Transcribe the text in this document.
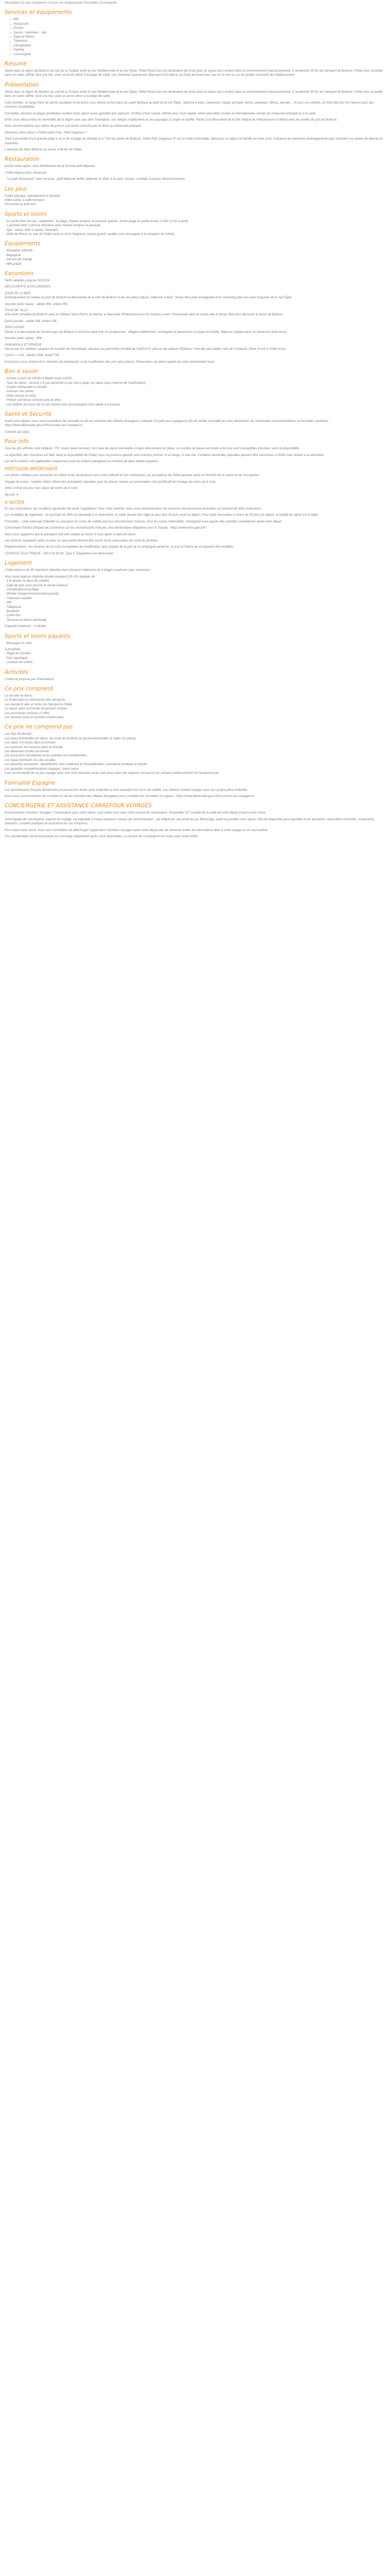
Description Ce prix comprend • Ce prix ne comprend pas Formalités Convergente
Services et équipements
● Wifi
● Restaurant
● Piscine
● Sauna - Hammam - Spa
● Salle de fitness
● Télévision
● Climatisation
● Parking
● Conciergerie
Résumé

Situés dans la région de Bodrum au sud de la Turquie, entre la mer Méditerranée et la mer Égée, l'hôtel Resort est une destination de choix pour un séjour tout compris dans un environnement naturel préservé. À seulement 35 km de l'aéroport de Bodrum, l'hôtel vous accueille dans un cadre raffiné, face à la mer, avec un accès direct à la plage de sable. Les chambres spacieuses disposent d'un balcon ou d'une terrasse avec vue sur la mer ou sur les jardins luxuriants de l'établissement.

Présentation

Situés dans la région de Bodrum au sud de la Turquie, entre la mer Méditerranée et la mer Égée, l'hôtel Resort est une destination de choix pour un séjour tout compris dans un environnement naturel préservé. À seulement 35 km de l'aéroport de Bodrum, l'hôtel vous accueille dans un cadre raffiné, face à la mer, avec un accès direct à la plage de sable.

Côté activités, un large choix de sports nautiques et de loisirs vous attend, le tout dans un cadre idyllique au pied de la mer Égée : planche à voile, catamaran, kayak, plongée, tennis, pétanque, fitness, aérobic... Et pour vos enfants, un mini-club leur est réservé pour des moments inoubliables.

Formalités, piscines et plages privatisées rendent votre séjour aussi agréable que reposant. Profitez d'une cuisine raffinée pour vous régaler, entre spécialités locales et internationales servies au restaurant principal ou à la carte.

Enfin, vous découvrirez les merveilles de la région avec ses sites historiques, ses villages traditionnels et ses paysages à couper le souffle. Partez à la découverte de la cité antique de Halicarnasse ou flânez dans les ruelles du port de Bodrum.

Nous recommandons aux clients de prévoir une tenue correcte pour le dîner au restaurant principal.

Réservez votre séjour à l'hôtel Adaö Only - Petit Seigneurs *.

Situé à proximité d'une grande plage à 10 m de la plage de Gümbet et à 7 km du centre de Bodrum, l'hôtel Petit Seigneurs 4* est un hôtel confortable, idéal pour un séjour en famille ou entre amis. Il dispose de nombreux aménagements pour satisfaire vos envies de détente et d'activités.

L'aéroport de Milas-Bodrum se trouve à 48 km de l'hôtel.

Restauration

Durant votre séjour, vous bénéficierez de la formule petit-déjeuner.

L'hôtel dispose d'un restaurant :

- "Le petit Restaurant" avec terrasse : petit-déjeuner buffet, déjeuner et dîner à la carte, snacks, cocktails et pause rafraîchissement.

Les plus

Cadre atypique, spécialement à Gümbet

Hôtel calme, à taille humaine

Personnel au petit soin

Sports et loisirs

- En accès libre de mai - septembre : la plage, chaises longues et parasols gratuits. Accès plage en partie privée, à 10m (2 mn à pied).

- 2 piscines dont 1 piscine intérieure avec chaises longues et parasols.

- Spa : sauna, bain à vapeur, hammam.

- Salle de fitness au sein de l'hôtel voisin le Gran Seigneurs (accès gratuit, veuillez vous renseigner à la réception de l'hôtel).

Équipements

- Réception 24h/24h

- Bagagerie

- Service de change

- Wifi gratuit

Excursions

Tarifs valables jusqu'au 31/10/24

DÉCOUVERTE & EXCURSIONS

JOUR DE LA MER

Embarquement en bateau au port de Bodrum et découverte de la côte de Bodrum et de ses jolies criques. Déjeuner à bord. Temps libre pour la baignade et le snorkeling dans les eaux turquoise de la mer Égée.

Journée (avec repas) : adulte 45€, enfant 25€

TOUR DE VILLE

Une visite complète de Bodrum avec le château Saint-Pierre, la marina, le Mausolée d'Halicarnasse et les moulins à vent. Promenade dans le centre-ville et temps libre pour découvrir le bazar de Bodrum.

Demi-journée : adulte 30€, enfant 15€

JEEP SAFARI

Partez à la découverte de l'arrière-pays de Bodrum à bord d'un jeep 4x4. Au programme : villages traditionnels, montagnes et panoramas à couper le souffle. Déjeuner typique dans un restaurant local inclus.

Journée (avec repas) : 40€

PAMUKKALE ET ÉPHÈSE

Découvrez les célèbres vasques de travertin de Pamukkale, classées au patrimoine mondial de l'UNESCO, puis le site antique d'Éphèse, l'une des plus belles cités de l'Antiquité. Dîner et nuit à l'hôtel inclus.

2 jours / 1 nuit : adulte 150€, enfant 75€

Excursions sous réserve d'un minimum de participants et de modification des prix sans préavis. Réservation sur place auprès de notre représentant local.

Bon à savoir

- Arrivée à partir de 14h00 et départ avant 12h00.

- Taxe de séjour : environ 2 € par personne et par nuit à régler sur place (sous réserve de modification).

- Caution demandée à l'arrivée.

- Animaux non admis.

- Hôtel rénové en 2021.

- Prévoir une tenue correcte pour le dîner.

- Les enfants de moins de 12 ans doivent être accompagnés d'un adulte à la piscine.

Santé et Sécurité

Avant votre départ, nous vous conseillons de consulter le site du ministère des Affaires étrangères (rubrique Conseils aux voyageurs) afin de vérifier l'actualité de votre destination, les éventuelles recommandations et formalités sanitaires : https://www.diplomatie.gouv.fr/fr/conseils-aux-voyageurs/

Conseils par pays.

Pour info

Tous les prix affichés sont indiqués TTC, toutes taxes incluses, hors taxe de séjour éventuelle à régler directement sur place. Le nombre de places est limité et les prix sont susceptibles d'évoluer selon la disponibilité.

La répartition des chambres est faite selon la disponibilité de l'hôtel, nous ne pouvons garantir une chambre précise, ni un étage, ni une vue. Certaines demandes spéciales peuvent être transmises à l'hôtel mais restent à sa discrétion.

Les tarifs enfants sont applicables uniquement pour les enfants partageant la chambre de deux adultes payants.

PRÉCISION IMPORTANTE

Les photos utilisées pour présenter les hôtels et les destinations sont à titre indicatif et non contractuel. Les prestations de l'hôtel peuvent varier en fonction de la saison et de l'occupation.

Voyage de noces : certains hôtels offrent des prestations spéciales pour les jeunes mariés sur présentation d'un justificatif de mariage de moins de 6 mois.

Votre contrat est pour tout séjour de moins de 4 nuits.

Nb.nuit: 4

A NOTER

En cas d'annulation, les conditions générales de vente s'appliquent. Pour votre sérénité, nous vous recommandons de souscrire une assurance annulation au moment de votre réservation.

Les modalités de règlement : un acompte de 30% est demandé à la réservation, le solde devant être réglé au plus tard 30 jours avant le départ. Pour toute réservation à moins de 30 jours du départ, la totalité du séjour est à régler.

Formalités : carte nationale d'identité ou passeport en cours de validité pour les ressortissants français. Pour les autres nationalités, renseignez-vous auprès des autorités compétentes avant votre départ.

Concernant l'Institut d'Impact de Commerce sur les ressortissants français, visa électronique obligatoire pour la Turquie : https://www.evisa.gov.tr/fr/

Nous vous rappelons que le passeport doit être valable au moins 6 mois après la date de retour.

Les mineurs voyageant seuls ou avec un seul parent doivent être munis d'une autorisation de sortie du territoire.

Réglementation : les horaires de vol sont susceptibles de modification sans préavis de la part de la compagnie aérienne. Le jour et l'heure de vol peuvent être modifiés.

COURANT ÉLECTRIQUE : 230 V et 50 Hz. Type F. Adaptateur non nécessaire.

Logement

L'hôtel dispose de 39 chambres réparties dans plusieurs bâtiments de 3 étages maximum avec ascenseur.

Vous serez logé en chambre double standard (25 m²), équipée de :

- 1 lit double ou deux lits simples

- Salle de bain avec douche et sèche-cheveux

- Climatisation/chauffage

- Minibar (réapprovisionnement payant)

- Télévision satellite

- Wifi

- Téléphone

- Bouilloire

- Coffre-fort

- Terrasse ou balcon aménagé

Capacité maximum : 2 adultes.

Sports et loisirs payants

- Massages et soins

À proximité :

- Plage de Gümbet

- Parc aquatique

- Location de voiture

Activités

L'hôtel ne propose pas d'animations.

Ce prix comprend

Le vol aller et retour,

Le forfait taxes et redevances des aéroports,

Les transferts aller et retour de l'aéroport à l'hôtel,

Le séjour selon la formule de pension choisie,

Les assurances incluses à l'offre,

Les services listés et activités mentionnées.

Ce prix ne comprend pas

Les frais de dossier,

Les taxes éventuelles de séjour, de sortie du territoire ou gouvernementales (à régler sur place),

Les repas non inclus dans la formule,

Les boissons non incluses dans la formule,

Les dépenses d'ordre personnel,

Les excursions facultatives et les activités non mentionnées,

Les repas éventuels lors des escales,

Les garanties annulation, rapatriement, frais médicaux et l'hospitalisation, assistance juridique et pénale,

Les garanties complémentaires bagages, retard avion.

Il est recommandé de ne pas voyager avec une carte bancaire seule mais aussi avec des espèces (en euros) car certains établissements ne l'acceptent pas.

Formalité Espagne

Les ressortissants français doivent être en possession d'une carte d'identité ou d'un passeport en cours de validité. Les mineurs doivent voyager avec leur propre pièce d'identité.

Nous vous recommandons de consulter le site du ministère des Affaires étrangères pour connaître les formalités en vigueur : https://www.diplomatie.gouv.fr/fr/conseils-aux-voyageurs/

CONCIERGERIE ET ASSISTANCE CARREFOUR VOYAGES

Exclusivement Carrefour Voyages ! Conciergerie pour votre séjour, vous aidez-vous avec notre service de conciergerie. Disponible 7j/7 complet de la veille de votre départ jusqu'à votre retour.

Votre équipe de conciergerie, experte en voyage, est joignable à travers plusieurs canaux de communication : par téléphone, par email ou par WhatsApp, avant et pendant votre séjour. Elle est disponible pour répondre à vos questions, réservation d'activités, restaurants, transferts, conseils pratiques et assistance en cas d'imprévu.

Pour mieux vous servir, nous vous conseillons de télécharger l'application Carrefour Voyages avant votre départ afin de retrouver toutes les informations liées à votre voyage en un seul endroit.

Vos coordonnées seront transmises au concierge uniquement après votre réservation. Le service de conciergerie est inclus dans votre forfait.
